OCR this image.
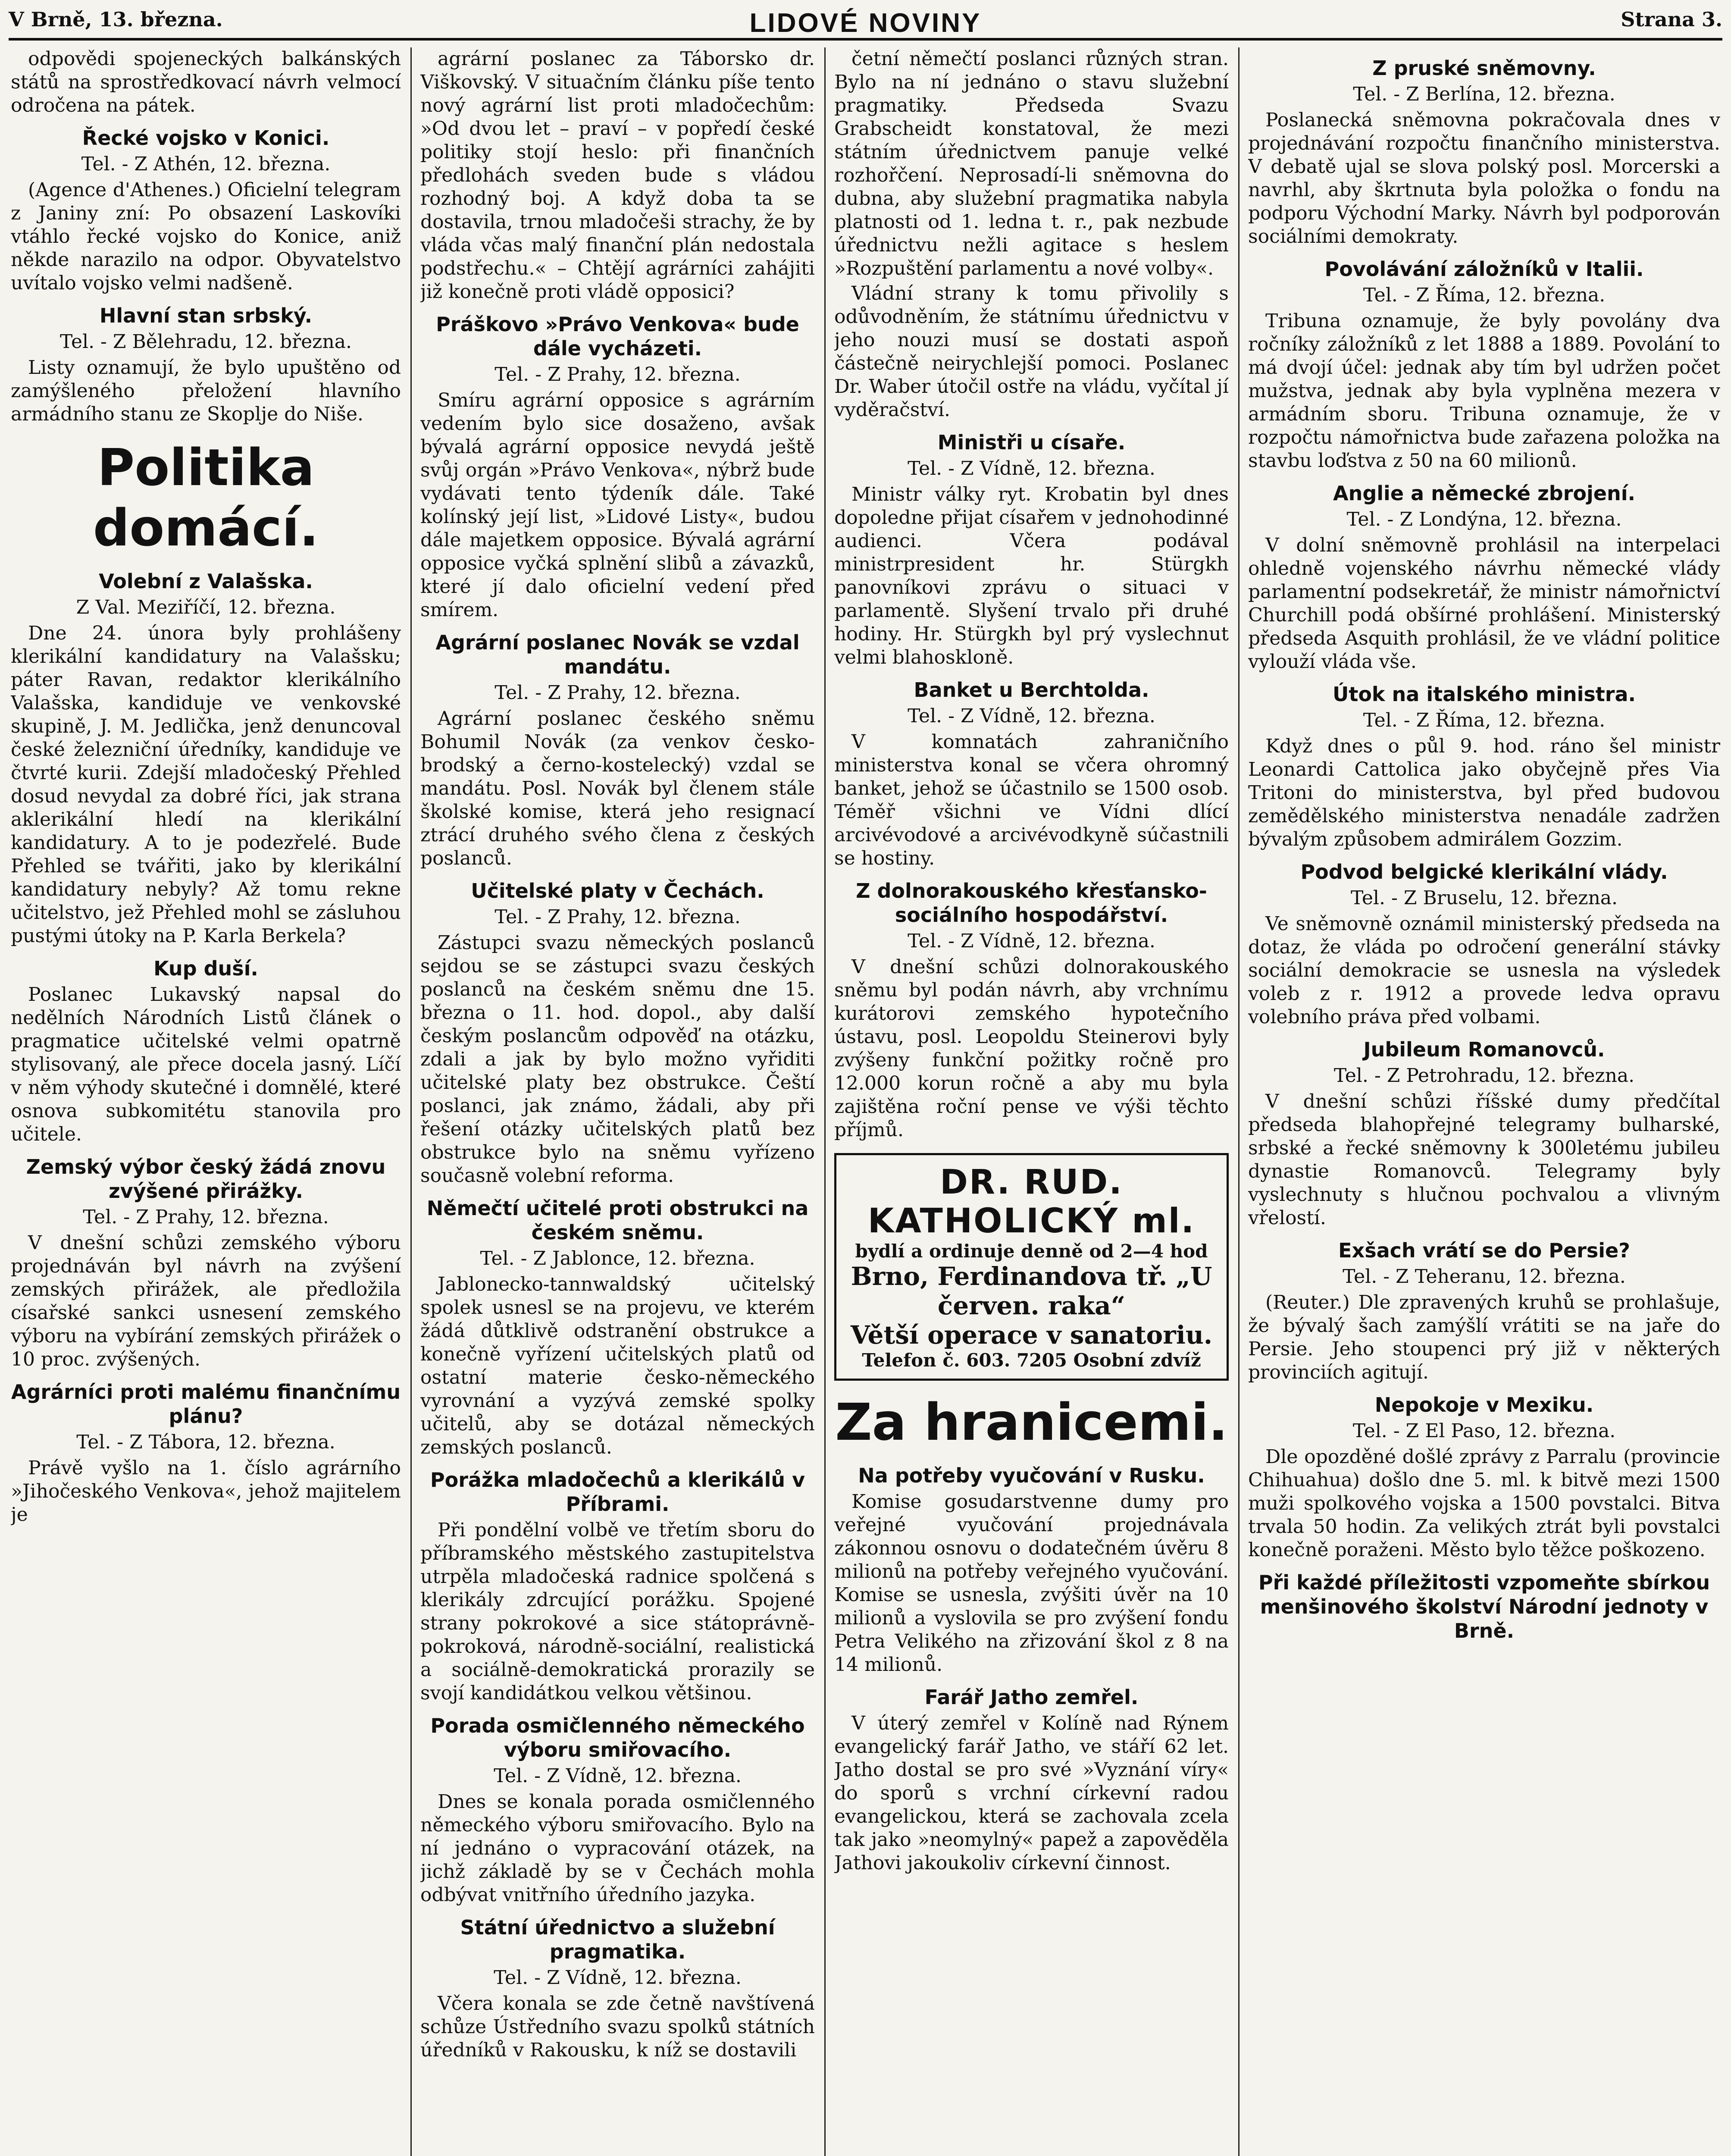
V Brně, 13. března.	LIDOVÉ NOVINY	Strana 3.

odpovědi spojeneckých balkánských států na sprostředkovací návrh velmocí odročena na pátek.

Řecké vojsko v Konici.
Tel. - Z Athén, 12. března.

(Agence d'Athenes.) Oficielní telegram z Janiny zní: Po obsazení Laskovíki vtáhlo řecké vojsko do Konice, aniž někde narazilo na odpor. Obyvatelstvo uvítalo vojsko velmi nadšeně.

Hlavní stan srbský.
Tel. - Z Bělehradu, 12. března.

Listy oznamují, že bylo upuštěno od zamýšleného přeložení hlavního armádního stanu ze Skoplje do Niše.

Politika domácí.
Volební z Valašska.
Z Val. Meziříčí, 12. března.

Dne 24. února byly prohlášeny klerikální kandidatury na Valašsku; páter Ravan, redaktor klerikálního Valašska, kandiduje ve venkovské skupině, J. M. Jedlička, jenž denuncoval české železniční úředníky, kandiduje ve čtvrté kurii. Zdejší mladočeský Přehled dosud nevydal za dobré říci, jak strana aklerikální hledí na klerikální kandidatury. A to je podezřelé. Bude Přehled se tvářiti, jako by klerikální kandidatury nebyly? Až tomu rekne učitelstvo, jež Přehled mohl se zásluhou pustými útoky na P. Karla Berkela?

Kup duší.

Poslanec Lukavský napsal do nedělních Národních Listů článek o pragmatice učitelské velmi opatrně stylisovaný, ale přece docela jasný. Líčí v něm výhody skutečné i domnělé, které osnova subkomitétu stanovila pro učitele.

Zemský výbor český žádá znovu zvýšené přirážky.
Tel. - Z Prahy, 12. března.

V dnešní schůzi zemského výboru projednáván byl návrh na zvýšení zemských přirážek, ale předložila císařské sankci usnesení zemského výboru na vybírání zemských přirážek o 10 proc. zvýšených.

Agrárníci proti malému finančnímu plánu?
Tel. - Z Tábora, 12. března.

Právě vyšlo na 1. číslo agrárního »Jihočeského Venkova«, jehož majitelem je

agrární poslanec za Táborsko dr. Viškovský. V situačním článku píše tento nový agrární list proti mladočechům: »Od dvou let – praví – v popředí české politiky stojí heslo: při finančních předlohách sveden bude s vládou rozhodný boj. A když doba ta se dostavila, trnou mladočeši strachy, že by vláda včas malý finanční plán nedostala podstřechu.« – Chtějí agrárníci zahájiti již konečně proti vládě opposici?

Práškovo »Právo Venkova« bude dále vycházeti.
Tel. - Z Prahy, 12. března.

Smíru agrární opposice s agrárním vedením bylo sice dosaženo, avšak bývalá agrární opposice nevydá ještě svůj orgán »Právo Venkova«, nýbrž bude vydávati tento týdeník dále. Také kolínský její list, »Lidové Listy«, budou dále majetkem opposice. Bývalá agrární opposice vyčká splnění slibů a závazků, které jí dalo oficielní vedení před smírem.

Agrární poslanec Novák se vzdal mandátu.
Tel. - Z Prahy, 12. března.

Agrární poslanec českého sněmu Bohumil Novák (za venkov česko-brodský a černo-kostelecký) vzdal se mandátu. Posl. Novák byl členem stále školské komise, která jeho resignací ztrácí druhého svého člena z českých poslanců.

Učitelské platy v Čechách.
Tel. - Z Prahy, 12. března.

Zástupci svazu německých poslanců sejdou se se zástupci svazu českých poslanců na českém sněmu dne 15. března o 11. hod. dopol., aby další českým poslancům odpověď na otázku, zdali a jak by bylo možno vyřiditi učitelské platy bez obstrukce. Čeští poslanci, jak známo, žádali, aby při řešení otázky učitelských platů bez obstrukce bylo na sněmu vyřízeno současně volební reforma.

Němečtí učitelé proti obstrukci na českém sněmu.
Tel. - Z Jablonce, 12. března.

Jablonecko-tannwaldský učitelský spolek usnesl se na projevu, ve kterém žádá důtklivě odstranění obstrukce a konečně vyřízení učitelských platů od ostatní materie česko-německého vyrovnání a vyzývá zemské spolky učitelů, aby se dotázal německých zemských poslanců.

Porážka mladočechů a klerikálů v Příbrami.

Při pondělní volbě ve třetím sboru do příbramského městského zastupitelstva utrpěla mladočeská radnice spolčená s klerikály zdrcující porážku. Spojené strany pokrokové a sice státoprávně-pokroková, národně-sociální, realistická a sociálně-demokratická prorazily se svojí kandidátkou velkou většinou.

Porada osmičlenného německého výboru smiřovacího.
Tel. - Z Vídně, 12. března.

Dnes se konala porada osmičlenného německého výboru smiřovacího. Bylo na ní jednáno o vypracování otázek, na jichž základě by se v Čechách mohla odbývat vnitřního úředního jazyka.

Státní úřednictvo a služební pragmatika.
Tel. - Z Vídně, 12. března.

Včera konala se zde četně navštívená schůze Ústředního svazu spolků státních úředníků v Rakousku, k níž se dostavili

četní němečtí poslanci různých stran. Bylo na ní jednáno o stavu služební pragmatiky. Předseda Svazu Grabscheidt konstatoval, že mezi státním úřednictvem panuje velké rozhořčení. Neprosadí-li sněmovna do dubna, aby služební pragmatika nabyla platnosti od 1. ledna t. r., pak nezbude úřednictvu nežli agitace s heslem »Rozpuštění parlamentu a nové volby«.

Vládní strany k tomu přivolily s odůvodněním, že státnímu úřednictvu v jeho nouzi musí se dostati aspoň částečně neirychlejší pomoci. Poslanec Dr. Waber útočil ostře na vládu, vyčítal jí vyděračství.

Ministři u císaře.
Tel. - Z Vídně, 12. března.

Ministr války ryt. Krobatin byl dnes dopoledne přijat císařem v jednohodinné audienci. Včera podával ministrpresident hr. Stürgkh panovníkovi zprávu o situaci v parlamentě. Slyšení trvalo při druhé hodiny. Hr. Stürgkh byl prý vyslechnut velmi blahoskloně.

Banket u Berchtolda.
Tel. - Z Vídně, 12. března.

V komnatách zahraničního ministerstva konal se včera ohromný banket, jehož se účastnilo se 1500 osob. Téměř všichni ve Vídni dlící arcivévodové a arcivévodkyně súčastnili se hostiny.

Z dolnorakouského křesťansko-sociálního hospodářství.
Tel. - Z Vídně, 12. března.

V dnešní schůzi dolnorakouského sněmu byl podán návrh, aby vrchnímu kurátorovi zemského hypotečního ústavu, posl. Leopoldu Steinerovi byly zvýšeny funkční požitky ročně pro 12.000 korun ročně a aby mu byla zajištěna roční pense ve výši těchto příjmů.

DR. RUD. KATHOLICKÝ ml.
bydlí a ordinuje denně od 2—4 hod
Brno, Ferdinandova tř. „U červen. raka“
Větší operace v sanatoriu.
Telefon č. 603. 7205 Osobní zdvíž
Za hranicemi.
Na potřeby vyučování v Rusku.

Komise gosudarstvenne dumy pro veřejné vyučování projednávala zákonnou osnovu o dodatečném úvěru 8 milionů na potřeby veřejného vyučování. Komise se usnesla, zvýšiti úvěr na 10 milionů a vyslovila se pro zvýšení fondu Petra Velikého na zřizování škol z 8 na 14 milionů.

Farář Jatho zemřel.

V úterý zemřel v Kolíně nad Rýnem evangelický farář Jatho, ve stáří 62 let. Jatho dostal se pro své »Vyznání víry« do sporů s vrchní církevní radou evangelickou, která se zachovala zcela tak jako »neomylný« papež a zapověděla Jathovi jakoukoliv církevní činnost.

Z pruské sněmovny.
Tel. - Z Berlína, 12. března.

Poslanecká sněmovna pokračovala dnes v projednávání rozpočtu finančního ministerstva. V debatě ujal se slova polský posl. Morcerski a navrhl, aby škrtnuta byla položka o fondu na podporu Východní Marky. Návrh byl podporován sociálními demokraty.

Povolávání záložníků v Italii.
Tel. - Z Říma, 12. března.

Tribuna oznamuje, že byly povolány dva ročníky záložníků z let 1888 a 1889. Povolání to má dvojí účel: jednak aby tím byl udržen počet mužstva, jednak aby byla vyplněna mezera v armádním sboru. Tribuna oznamuje, že v rozpočtu námořnictva bude zařazena položka na stavbu loďstva z 50 na 60 milionů.

Anglie a německé zbrojení.
Tel. - Z Londýna, 12. března.

V dolní sněmovně prohlásil na interpelaci ohledně vojenského návrhu německé vlády parlamentní podsekretář, že ministr námořnictví Churchill podá obšírné prohlášení. Ministerský předseda Asquith prohlásil, že ve vládní politice vylouží vláda vše.

Útok na italského ministra.
Tel. - Z Říma, 12. března.

Když dnes o půl 9. hod. ráno šel ministr Leonardi Cattolica jako obyčejně přes Via Tritoni do ministerstva, byl před budovou zemědělského ministerstva nenadále zadržen bývalým způsobem admirálem Gozzim.

Podvod belgické klerikální vlády.
Tel. - Z Bruselu, 12. března.

Ve sněmovně oznámil ministerský předseda na dotaz, že vláda po odročení generální stávky sociální demokracie se usnesla na výsledek voleb z r. 1912 a provede ledva opravu volebního práva před volbami.

Jubileum Romanovců.
Tel. - Z Petrohradu, 12. března.

V dnešní schůzi říšské dumy předčítal předseda blahopřejné telegramy bulharské, srbské a řecké sněmovny k 300letému jubileu dynastie Romanovců. Telegramy byly vyslechnuty s hlučnou pochvalou a vlivným vřelostí.

Exšach vrátí se do Persie?
Tel. - Z Teheranu, 12. března.

(Reuter.) Dle zpravených kruhů se prohlašuje, že bývalý šach zamýšlí vrátiti se na jaře do Persie. Jeho stoupenci prý již v některých provinciích agitují.

Nepokoje v Mexiku.
Tel. - Z El Paso, 12. března.

Dle opozděné došlé zprávy z Parralu (provincie Chihuahua) došlo dne 5. ml. k bitvě mezi 1500 muži spolkového vojska a 1500 povstalci. Bitva trvala 50 hodin. Za velikých ztrát byli povstalci konečně poraženi. Město bylo těžce poškozeno.

Při každé příležitosti vzpomeňte sbírkou menšinového školství Národní jednoty v Brně.
